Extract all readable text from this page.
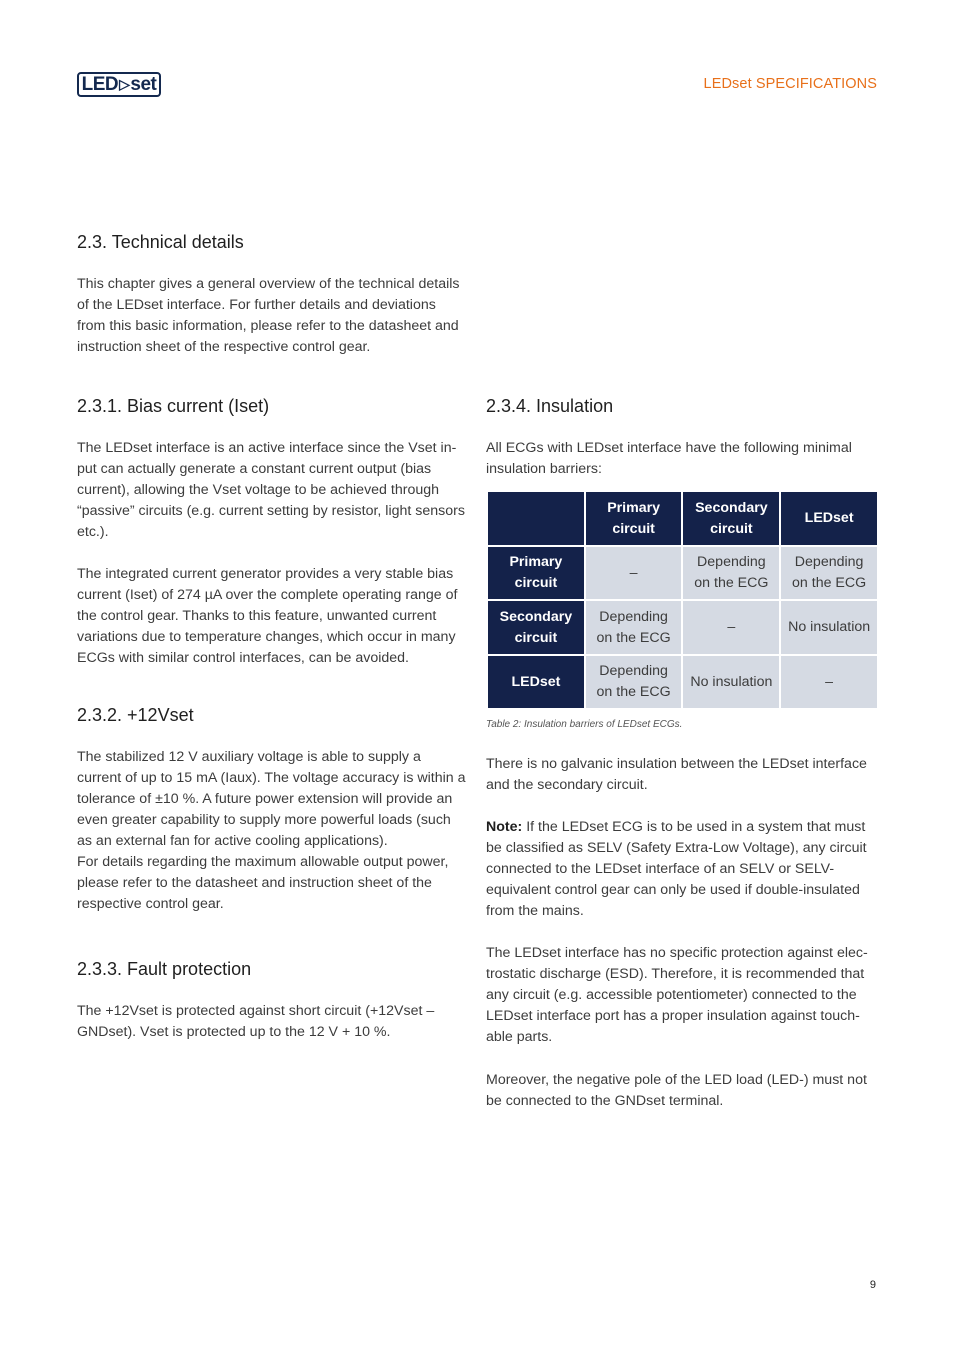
LED ▷ set	LEDset SPECIFICATIONS
2.3. Technical details

This chapter gives a general overview of the technical details of the LEDset interface. For further details and deviations from this basic information, please refer to the datasheet and instruction sheet of the respective control gear.

2.3.1. Bias current (Iset)

The LEDset interface is an active interface since the Vset input can actually generate a constant current output (bias current), allowing the Vset voltage to be achieved through “passive” circuits (e.g. current setting by resistor, light sensors etc.).

The integrated current generator provides a very stable bias current (Iset) of 274 µA over the complete operating range of the control gear. Thanks to this feature, unwanted current variations due to temperature changes, which occur in many ECGs with similar control interfaces, can be avoided.

2.3.2. +12Vset

The stabilized 12 V auxiliary voltage is able to supply a current of up to 15 mA (Iaux). The voltage accuracy is within a tolerance of ±10 %. A future power extension will provide an even greater capability to supply more powerful loads (such as an external fan for active cooling applications).

For details regarding the maximum allowable output power, please refer to the datasheet and instruction sheet of the respective control gear.

2.3.3. Fault protection

The +12Vset is protected against short circuit (+12Vset – GNDset). Vset is protected up to the 12 V + 10 %.

2.3.4. Insulation

All ECGs with LEDset interface have the following minimal insulation barriers:

	Primary circuit	Secondary circuit	LEDset
Primary circuit	–	Depending on the ECG	Depending on the ECG
Secondary circuit	Depending on the ECG	–	No insulation
LEDset	Depending on the ECG	No insulation	–
Table 2: Insulation barriers of LEDset ECGs.

There is no galvanic insulation between the LEDset interface and the secondary circuit.

Note: If the LEDset ECG is to be used in a system that must be classified as SELV (Safety Extra-Low Voltage), any circuit connected to the LEDset interface of an SELV or SELV-equivalent control gear can only be used if double-insulated from the mains.

The LEDset interface has no specific protection against electrostatic discharge (ESD). Therefore, it is recommended that any circuit (e.g. accessible potentiometer) connected to the LEDset interface port has a proper insulation against touchable parts.

Moreover, the negative pole of the LED load (LED-) must not be connected to the GNDset terminal.

9
